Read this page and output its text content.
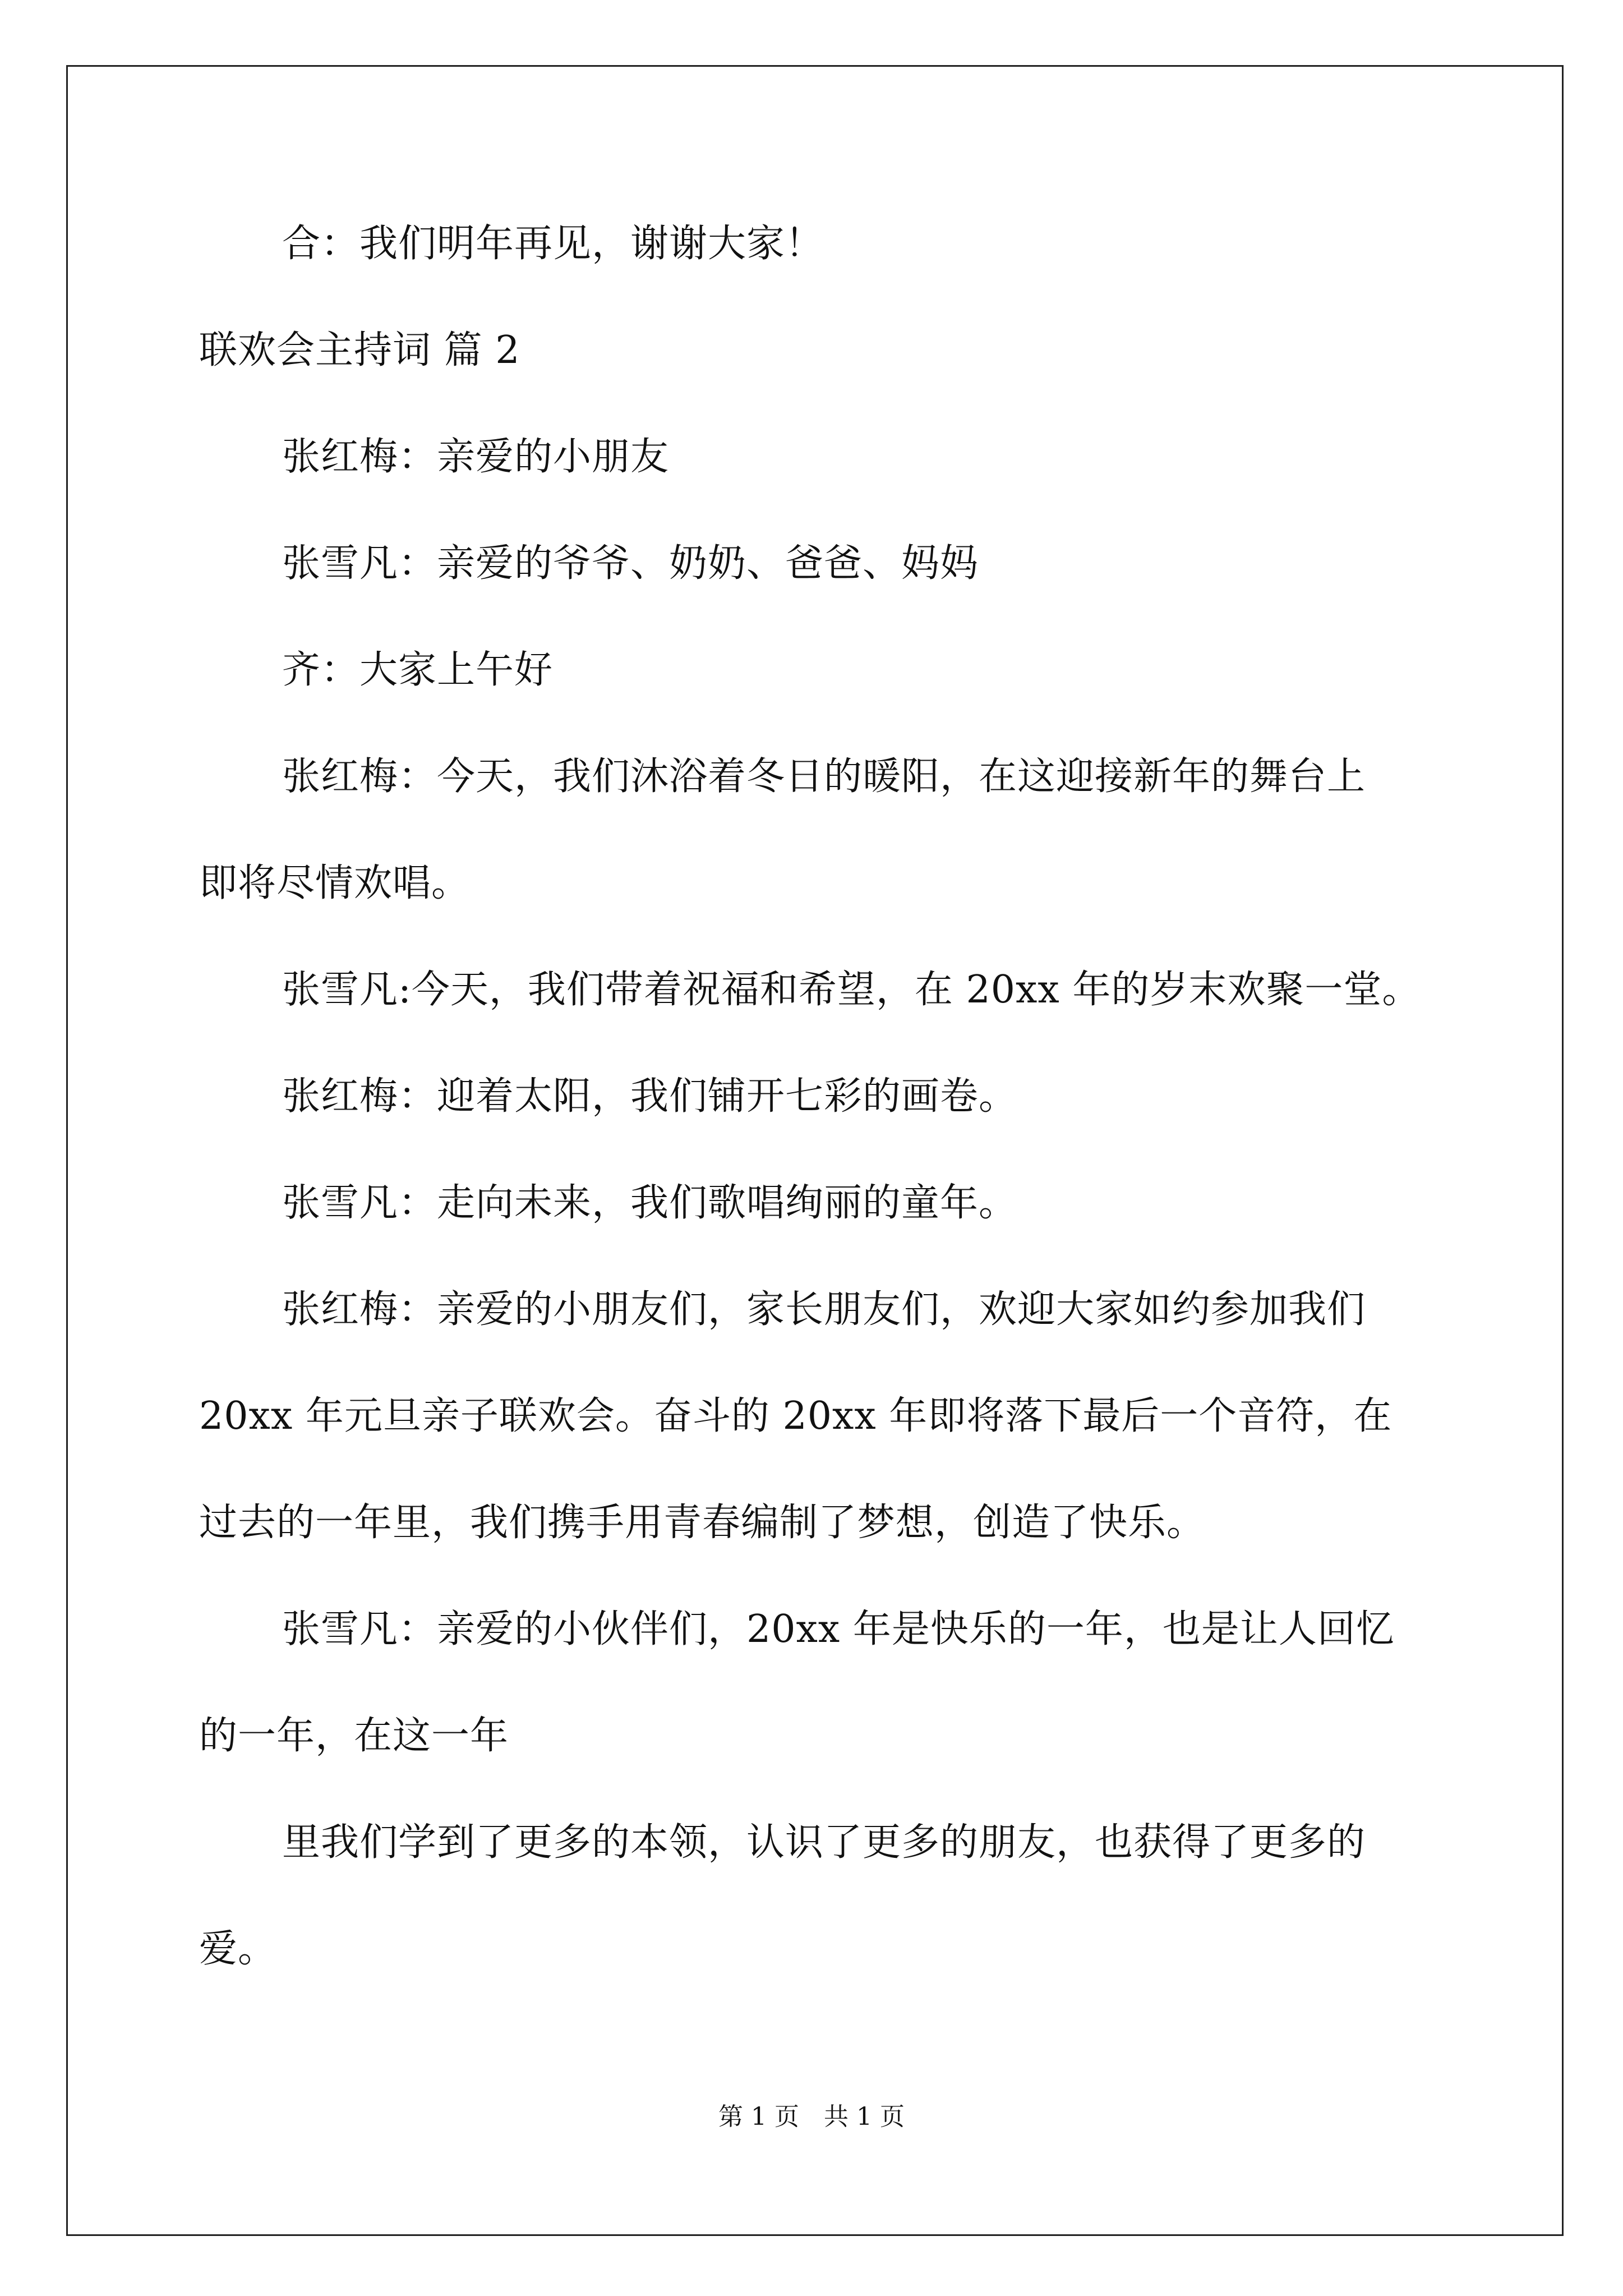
合：我们明年再见，谢谢大家！
联欢会主持词 篇 2
张红梅：亲爱的小朋友
张雪凡：亲爱的爷爷、奶奶、爸爸、妈妈
齐：大家上午好
张红梅：今天，我们沐浴着冬日的暖阳，在这迎接新年的舞台上
即将尽情欢唱。
张雪凡:今天，我们带着祝福和希望，在 20xx 年的岁末欢聚一堂。
张红梅：迎着太阳，我们铺开七彩的画卷。
张雪凡：走向未来，我们歌唱绚丽的童年。
张红梅：亲爱的小朋友们，家长朋友们，欢迎大家如约参加我们
20xx 年元旦亲子联欢会。奋斗的 20xx 年即将落下最后一个音符，在
过去的一年里，我们携手用青春编制了梦想，创造了快乐。
张雪凡：亲爱的小伙伴们，20xx 年是快乐的一年，也是让人回忆
的一年，在这一年
里我们学到了更多的本领，认识了更多的朋友，也获得了更多的
爱。
第 1 页　共 1 页
